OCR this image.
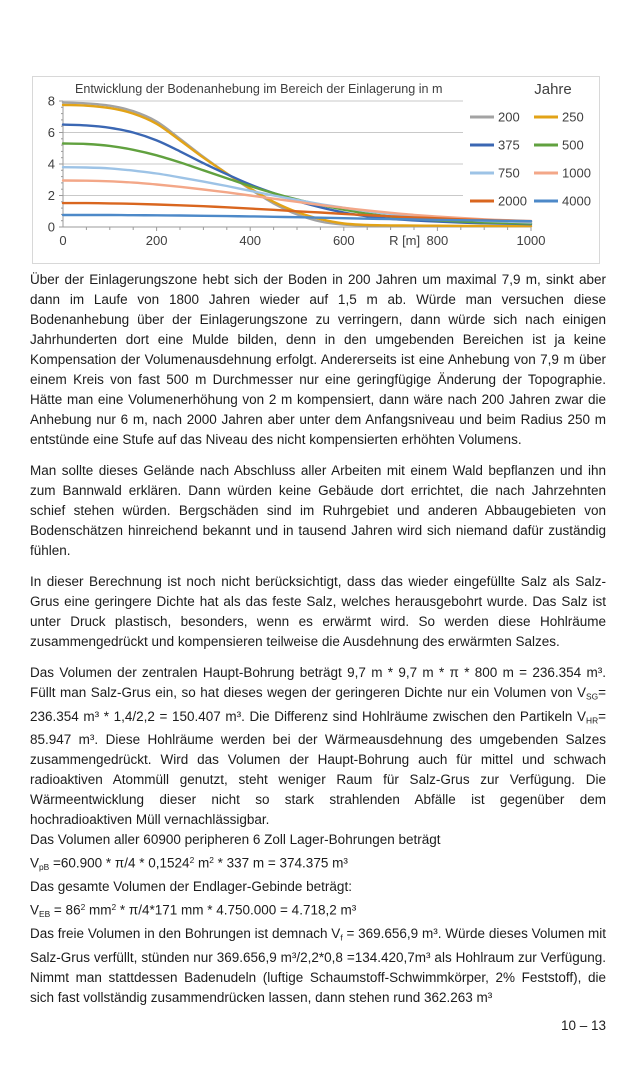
0
2
4
6
8
0	200	400	600	800	1000
R [m]
Entwicklung der Bodenanhebung im Bereich der Einlagerung in m	Jahre
200	250
375	500
750	1000
2000	4000

Über der Einlagerungszone hebt sich der Boden in 200 Jahren um maximal 7,9 m, sinkt aber dann im Laufe von 1800 Jahren wieder auf 1,5 m ab. Würde man versuchen diese Bodenanhebung über der Einlagerungszone zu verringern, dann würde sich nach einigen Jahrhunderten dort eine Mulde bilden, denn in den umgebenden Bereichen ist ja keine Kompensation der Volumenausdehnung erfolgt. Andererseits ist eine Anhebung von 7,9 m über einem Kreis von fast 500 m Durchmesser nur eine geringfügige Änderung der Topographie. Hätte man eine Volumenerhöhung von 2 m kompensiert, dann wäre nach 200 Jahren zwar die Anhebung nur 6 m, nach 2000 Jahren aber unter dem Anfangsniveau und beim Radius 250 m entstünde eine Stufe auf das Niveau des nicht kompensierten erhöhten Volumens.

Man sollte dieses Gelände nach Abschluss aller Arbeiten mit einem Wald bepflanzen und ihn zum Bannwald erklären. Dann würden keine Gebäude dort errichtet, die nach Jahrzehnten schief stehen würden. Bergschäden sind im Ruhrgebiet und anderen Abbaugebieten von Bodenschätzen hinreichend bekannt und in tausend Jahren wird sich niemand dafür zuständig fühlen.

In dieser Berechnung ist noch nicht berücksichtigt, dass das wieder eingefüllte Salz als Salz-Grus eine geringere Dichte hat als das feste Salz, welches herausgebohrt wurde. Das Salz ist unter Druck plastisch, besonders, wenn es erwärmt wird. So werden diese Hohlräume zusammengedrückt und kompensieren teilweise die Ausdehnung des erwärmten Salzes.

Das Volumen der zentralen Haupt-Bohrung beträgt 9,7 m * 9,7 m * π * 800 m = 236.354 m³. Füllt man Salz-Grus ein, so hat dieses wegen der geringeren Dichte nur ein Volumen von VSG= 236.354 m³ * 1,4/2,2 = 150.407 m³. Die Differenz sind Hohlräume zwischen den Partikeln VHR= 85.947 m³. Diese Hohlräume werden bei der Wärmeausdehnung des umgebenden Salzes zusammengedrückt. Wird das Volumen der Haupt-Bohrung auch für mittel und schwach radioaktiven Atommüll genutzt, steht weniger Raum für Salz-Grus zur Verfügung. Die Wärmeentwicklung dieser nicht so stark strahlenden Abfälle ist gegenüber dem hochradioaktiven Müll vernachlässigbar.

Das Volumen aller 60900 peripheren 6 Zoll Lager-Bohrungen beträgt

VpB =60.900 * π/4 * 0,1524$^2$ $m^2 * 337$ m = 374.375 m³

Das gesamte Volumen der Endlager-Gebinde beträgt:

VEB = $86^2$ $mm^2 * \pi/4*171$ mm * 4.750.000 = 4.718,2 m³

Das freie Volumen in den Bohrungen ist demnach Vf = 369.656,9 m³. Würde dieses Volumen mit Salz-Grus verfüllt, stünden nur 369.656,9 m³/2,2*0,8 =134.420,7m³ als Hohlraum zur Verfügung. Nimmt man stattdessen Badenudeln (luftige Schaumstoff-Schwimmkörper, 2% Feststoff), die sich fast vollständig zusammendrücken lassen, dann stehen rund 362.263 m³

10 – 13
